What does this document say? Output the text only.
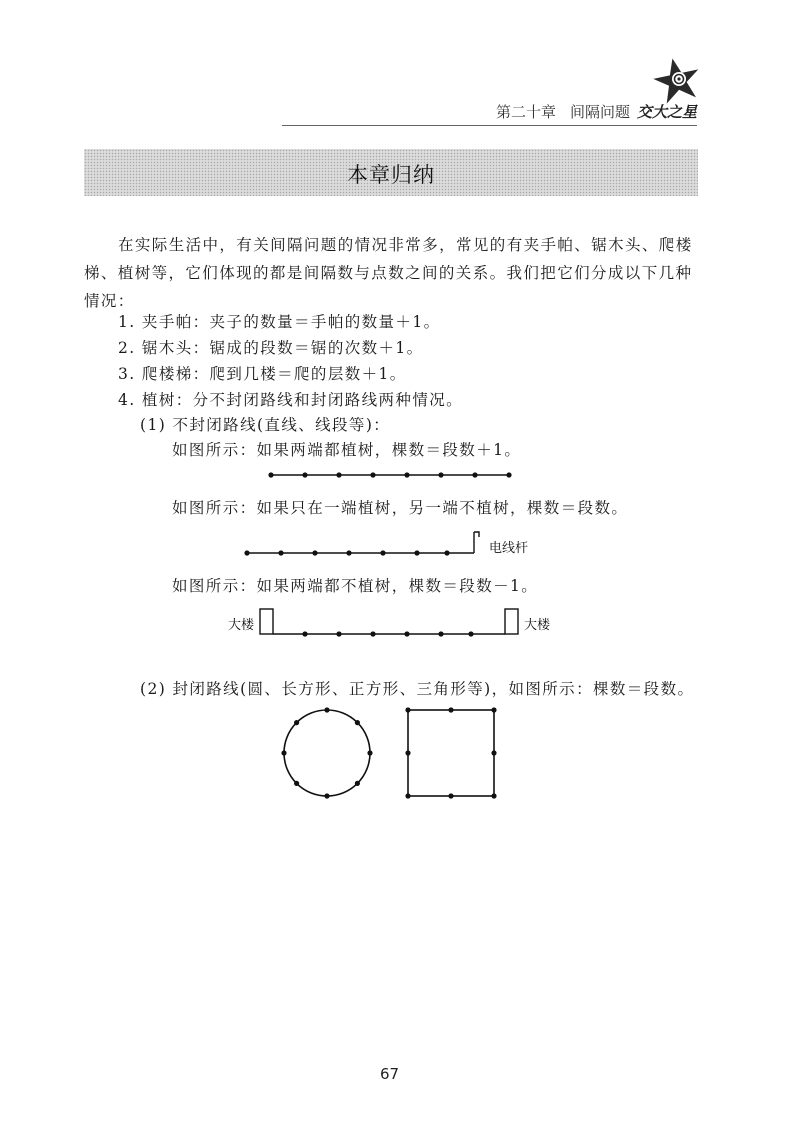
第二十章 间隔问题 交大之星
本章归纳
在实际生活中，有关间隔问题的情况非常多，常见的有夹手帕、锯木头、爬楼梯、植树等，它们体现的都是间隔数与点数之间的关系。我们把它们分成以下几种情况：
1. 夹手帕：夹子的数量＝手帕的数量＋1。
2. 锯木头：锯成的段数＝锯的次数＋1。
3. 爬楼梯：爬到几楼＝爬的层数＋1。
4. 植树：分不封闭路线和封闭路线两种情况。
(1) 不封闭路线(直线、线段等)：
如图所示：如果两端都植树，棵数＝段数＋1。
如图所示：如果只在一端植树，另一端不植树，棵数＝段数。
电线杆
如图所示：如果两端都不植树，棵数＝段数－1。
大楼	大楼
(2) 封闭路线(圆、长方形、正方形、三角形等)，如图所示：棵数＝段数。
67
